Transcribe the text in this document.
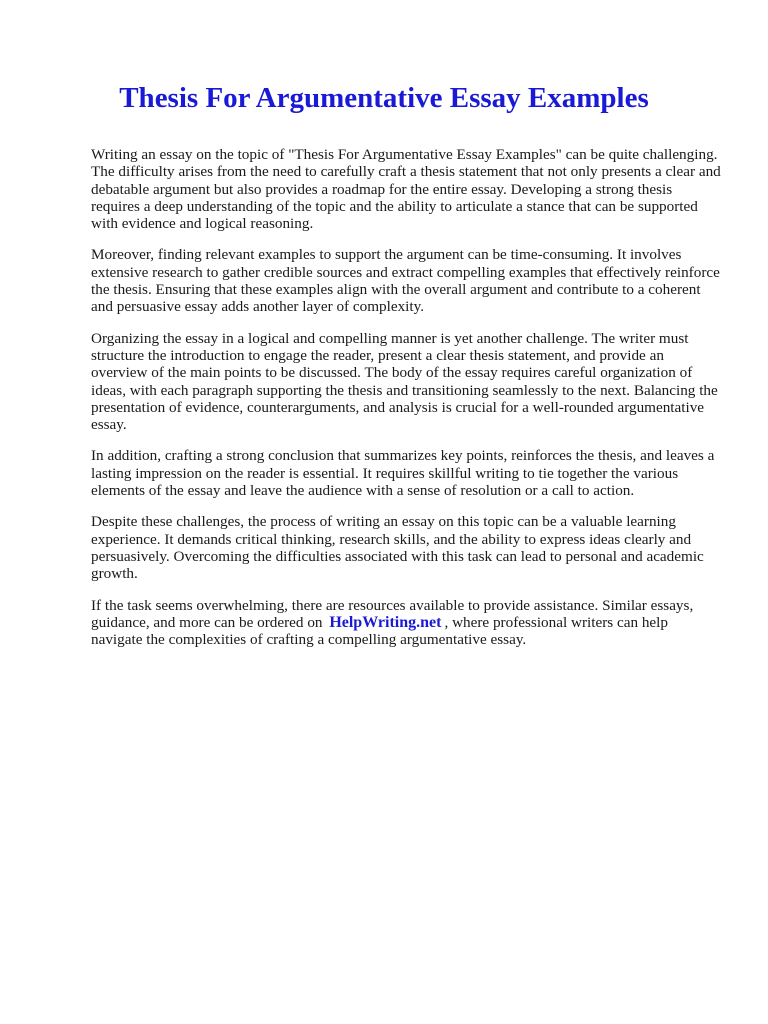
Thesis For Argumentative Essay Examples

Writing an essay on the topic of "Thesis For Argumentative Essay Examples" can be quite challenging. The difficulty arises from the need to carefully craft a thesis statement that not only presents a clear and debatable argument but also provides a roadmap for the entire essay. Developing a strong thesis requires a deep understanding of the topic and the ability to articulate a stance that can be supported with evidence and logical reasoning.

Moreover, finding relevant examples to support the argument can be time-consuming. It involves extensive research to gather credible sources and extract compelling examples that effectively reinforce the thesis. Ensuring that these examples align with the overall argument and contribute to a coherent and persuasive essay adds another layer of complexity.

Organizing the essay in a logical and compelling manner is yet another challenge. The writer must structure the introduction to engage the reader, present a clear thesis statement, and provide an overview of the main points to be discussed. The body of the essay requires careful organization of ideas, with each paragraph supporting the thesis and transitioning seamlessly to the next. Balancing the presentation of evidence, counterarguments, and analysis is crucial for a well-rounded argumentative essay.

In addition, crafting a strong conclusion that summarizes key points, reinforces the thesis, and leaves a lasting impression on the reader is essential. It requires skillful writing to tie together the various elements of the essay and leave the audience with a sense of resolution or a call to action.

Despite these challenges, the process of writing an essay on this topic can be a valuable learning experience. It demands critical thinking, research skills, and the ability to express ideas clearly and persuasively. Overcoming the difficulties associated with this task can lead to personal and academic growth.

If the task seems overwhelming, there are resources available to provide assistance. Similar essays, guidance, and more can be ordered on HelpWriting.net , where professional writers can help navigate the complexities of crafting a compelling argumentative essay.
